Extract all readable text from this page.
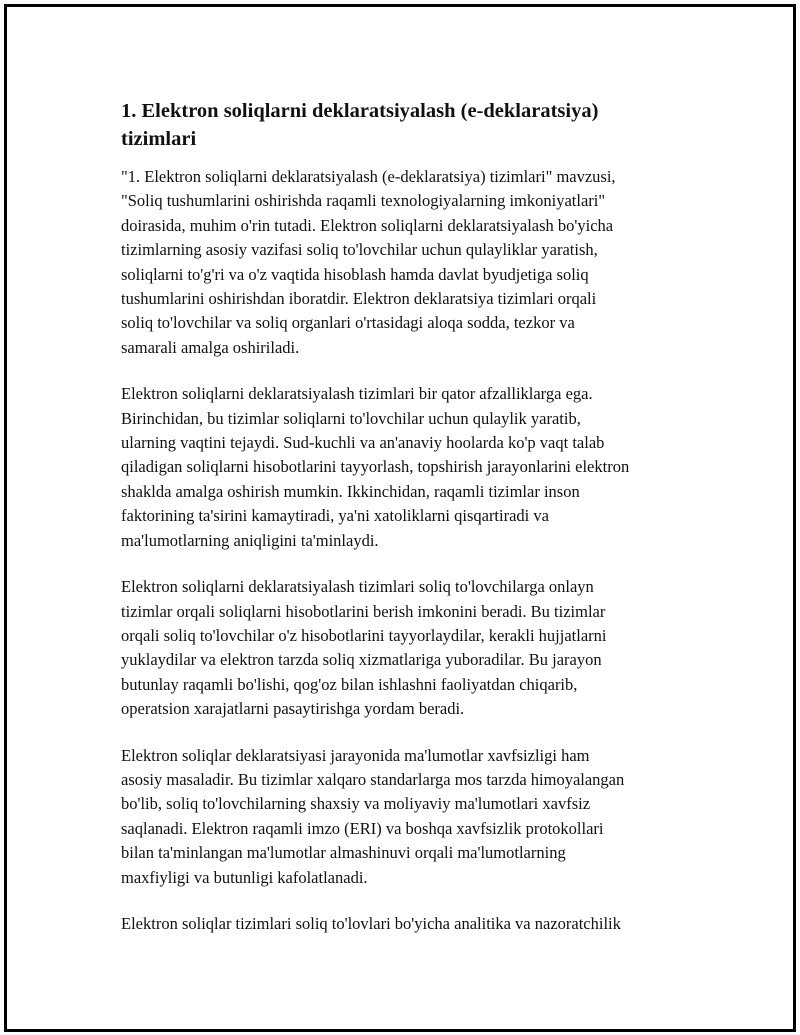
1. Elektron soliqlarni deklaratsiyalash (e-deklaratsiya)
tizimlari

"1. Elektron soliqlarni deklaratsiyalash (e-deklaratsiya) tizimlari" mavzusi,
"Soliq tushumlarini oshirishda raqamli texnologiyalarning imkoniyatlari"
doirasida, muhim o'rin tutadi. Elektron soliqlarni deklaratsiyalash bo'yicha
tizimlarning asosiy vazifasi soliq to'lovchilar uchun qulayliklar yaratish,
soliqlarni to'g'ri va o'z vaqtida hisoblash hamda davlat byudjetiga soliq
tushumlarini oshirishdan iboratdir. Elektron deklaratsiya tizimlari orqali
soliq to'lovchilar va soliq organlari o'rtasidagi aloqa sodda, tezkor va
samarali amalga oshiriladi.

Elektron soliqlarni deklaratsiyalash tizimlari bir qator afzalliklarga ega.
Birinchidan, bu tizimlar soliqlarni to'lovchilar uchun qulaylik yaratib,
ularning vaqtini tejaydi. Sud-kuchli va an'anaviy hoolarda ko'p vaqt talab
qiladigan soliqlarni hisobotlarini tayyorlash, topshirish jarayonlarini elektron
shaklda amalga oshirish mumkin. Ikkinchidan, raqamli tizimlar inson
faktorining ta'sirini kamaytiradi, ya'ni xatoliklarni qisqartiradi va
ma'lumotlarning aniqligini ta'minlaydi.

Elektron soliqlarni deklaratsiyalash tizimlari soliq to'lovchilarga onlayn
tizimlar orqali soliqlarni hisobotlarini berish imkonini beradi. Bu tizimlar
orqali soliq to'lovchilar o'z hisobotlarini tayyorlaydilar, kerakli hujjatlarni
yuklaydilar va elektron tarzda soliq xizmatlariga yuboradilar. Bu jarayon
butunlay raqamli bo'lishi, qog'oz bilan ishlashni faoliyatdan chiqarib,
operatsion xarajatlarni pasaytirishga yordam beradi.

Elektron soliqlar deklaratsiyasi jarayonida ma'lumotlar xavfsizligi ham
asosiy masaladir. Bu tizimlar xalqaro standarlarga mos tarzda himoyalangan
bo'lib, soliq to'lovchilarning shaxsiy va moliyaviy ma'lumotlari xavfsiz
saqlanadi. Elektron raqamli imzo (ERI) va boshqa xavfsizlik protokollari
bilan ta'minlangan ma'lumotlar almashinuvi orqali ma'lumotlarning
maxfiyligi va butunligi kafolatlanadi.

Elektron soliqlar tizimlari soliq to'lovlari bo'yicha analitika va nazoratchilik
